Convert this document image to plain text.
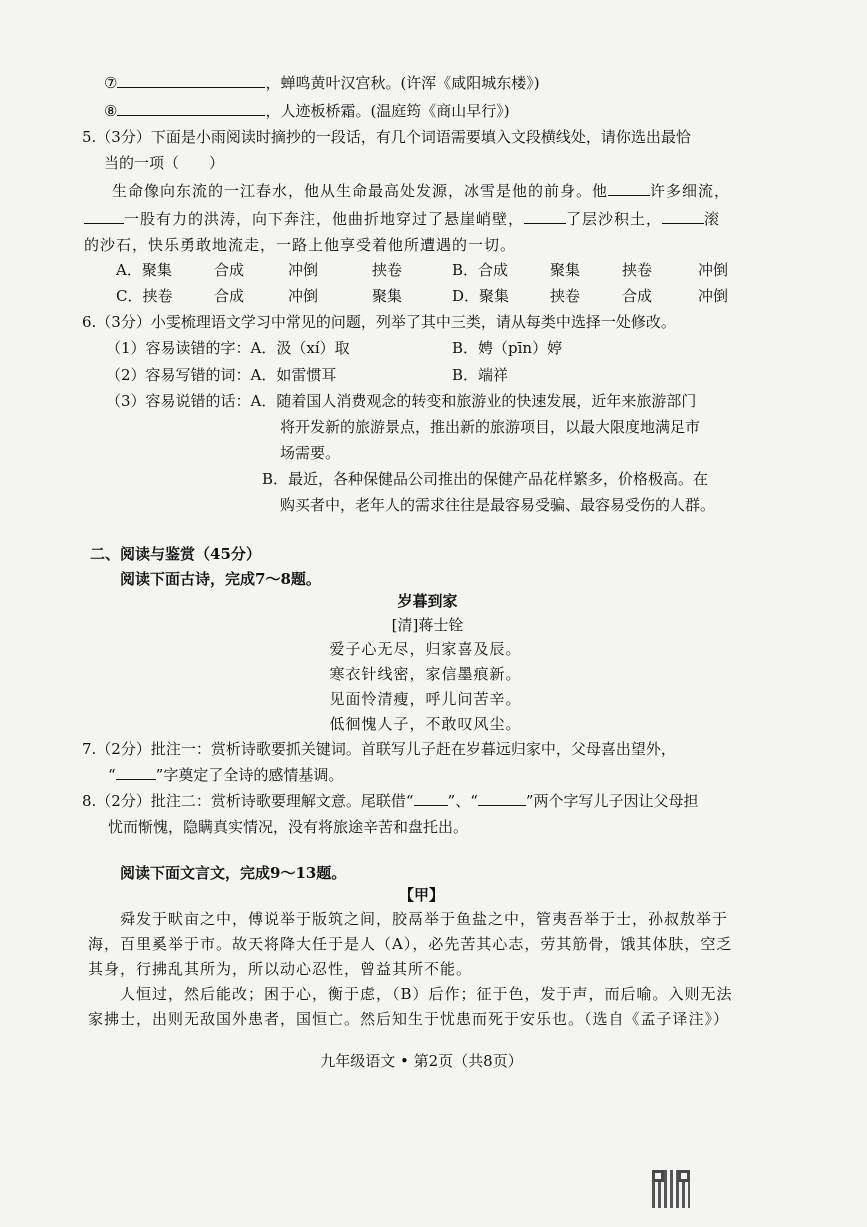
⑦	，蝉鸣黄叶汉宫秋。(许浑《咸阳城东楼》)
⑧	，人迹板桥霜。(温庭筠《商山早行》)
5.（3分）下面是小雨阅读时摘抄的一段话，有几个词语需要填入文段横线处，请你选出最恰
当的一项（　　）
生命像向东流的一江春水，他从生命最高处发源，冰雪是他的前身。他	许多细流，
一股有力的洪涛，向下奔注，他曲折地穿过了悬崖峭壁，	了层沙积土，	滚
的沙石，快乐勇敢地流走，一路上他享受着他所遭遇的一切。
A．聚集	合成	冲倒	挟卷	B．合成	聚集	挟卷	冲倒
C．挟卷	合成	冲倒	聚集	D．聚集	挟卷	合成	冲倒
6.（3分）小雯梳理语文学习中常见的问题，列举了其中三类，请从每类中选择一处修改。
（1）容易读错的字：A．汲（xí）取	B．娉（pīn）婷
（2）容易写错的词：A．如雷惯耳	B．端祥
（3）容易说错的话：A．随着国人消费观念的转变和旅游业的快速发展，近年来旅游部门
将开发新的旅游景点，推出新的旅游项目，以最大限度地满足市
场需要。
B．最近，各种保健品公司推出的保健产品花样繁多，价格极高。在
购买者中，老年人的需求往往是最容易受骗、最容易受伤的人群。
二、阅读与鉴赏（45分）
阅读下面古诗，完成7～8题。
岁暮到家
[清]蒋士铨
爱子心无尽，归家喜及辰。
寒衣针线密，家信墨痕新。
见面怜清瘦，呼儿问苦辛。
低徊愧人子，不敢叹风尘。
7.（2分）批注一：赏析诗歌要抓关键词。首联写儿子赶在岁暮远归家中，父母喜出望外，
“	”字奠定了全诗的感情基调。
8.（2分）批注二：赏析诗歌要理解文意。尾联借“ ”、“	”两个字写儿子因让父母担
忧而惭愧，隐瞒真实情况，没有将旅途辛苦和盘托出。
阅读下面文言文，完成9～13题。
【甲】
舜发于畎亩之中，傅说举于版筑之间，胶鬲举于鱼盐之中，管夷吾举于士，孙叔敖举于
海，百里奚举于市。故天将降大任于是人（A），必先苦其心志，劳其筋骨，饿其体肤，空乏
其身，行拂乱其所为，所以动心忍性，曾益其所不能。
人恒过，然后能改；困于心，衡于虑，（B）后作；征于色，发于声，而后喻。入则无法
家拂士，出则无敌国外患者，国恒亡。然后知生于忧患而死于安乐也。（选自《孟子译注》）
九年级语文 • 第2页（共8页）
